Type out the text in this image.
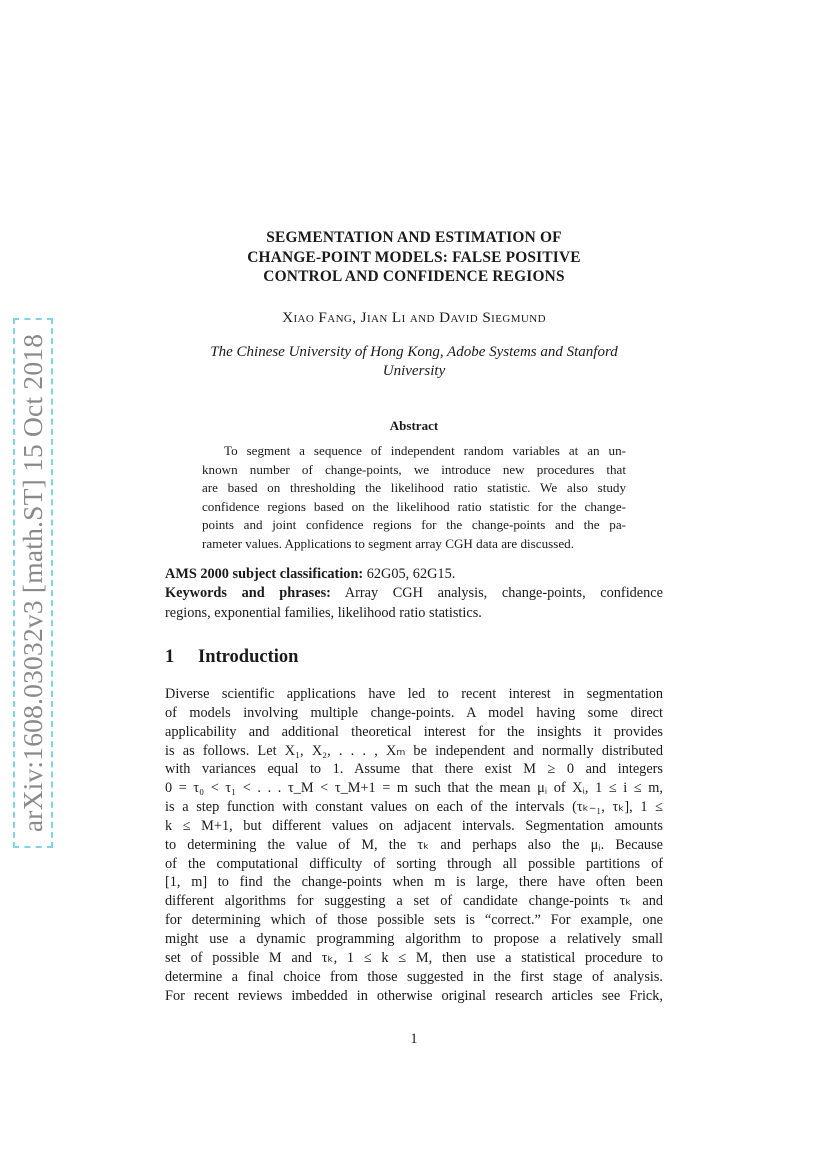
arXiv:1608.03032v3 [math.ST] 15 Oct 2018
SEGMENTATION AND ESTIMATION OF
CHANGE-POINT MODELS: FALSE POSITIVE
CONTROL AND CONFIDENCE REGIONS
Xiao Fang, Jian Li and David Siegmund
The Chinese University of Hong Kong, Adobe Systems and Stanford
University
Abstract
To segment a sequence of independent random variables at an un-
known number of change-points, we introduce new procedures that
are based on thresholding the likelihood ratio statistic. We also study
confidence regions based on the likelihood ratio statistic for the change-
points and joint confidence regions for the change-points and the pa-
rameter values. Applications to segment array CGH data are discussed.
AMS 2000 subject classification: 62G05, 62G15.
Keywords and phrases: Array CGH analysis, change-points, confidence
regions, exponential families, likelihood ratio statistics.
1 Introduction
Diverse scientific applications have led to recent interest in segmentation
of models involving multiple change-points. A model having some direct
applicability and additional theoretical interest for the insights it provides
is as follows. Let X₁, X₂, . . . , Xₘ be independent and normally distributed
with variances equal to 1. Assume that there exist M ≥ 0 and integers
0 = τ₀ < τ₁ < . . . τ_M < τ_M+1 = m such that the mean μᵢ of Xᵢ, 1 ≤ i ≤ m,
is a step function with constant values on each of the intervals (τₖ₋₁, τₖ], 1 ≤
k ≤ M+1, but different values on adjacent intervals. Segmentation amounts
to determining the value of M, the τₖ and perhaps also the μᵢ. Because
of the computational difficulty of sorting through all possible partitions of
[1, m] to find the change-points when m is large, there have often been
different algorithms for suggesting a set of candidate change-points τₖ and
for determining which of those possible sets is “correct.” For example, one
might use a dynamic programming algorithm to propose a relatively small
set of possible M and τₖ, 1 ≤ k ≤ M, then use a statistical procedure to
determine a final choice from those suggested in the first stage of analysis.
For recent reviews imbedded in otherwise original research articles see Frick,
1
